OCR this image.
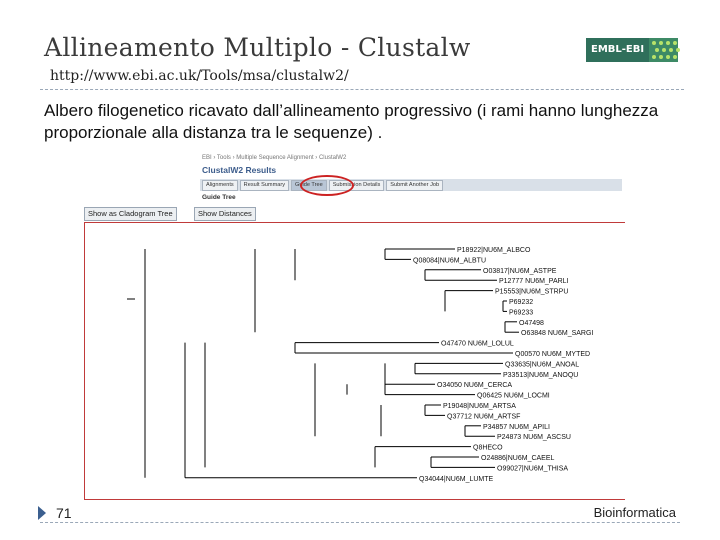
Allineamento Multiplo - Clustalw
http://www.ebi.ac.uk/Tools/msa/clustalw2/
EMBL-EBI
Albero filogenetico ricavato dall’allineamento progressivo (i rami hanno lunghezza proporzionale alla distanza tra le sequenze) .
EBI › Tools › Multiple Sequence Alignment › ClustalW2
ClustalW2 Results
Alignments	Result Summary	Guide Tree	Submission Details	Submit Another Job
Guide Tree
Show as Cladogram Tree	Show Distances
P18922|NU6M_ALBCO
Q08084|NU6M_ALBTU
O03817|NU6M_ASTPE
P12777 NU6M_PARLI
P15553|NU6M_STRPU
P69232
P69233
O47498
O63848 NU6M_SARGI
O47470 NU6M_LOLUL
Q00570 NU6M_MYTED
Q33635|NU6M_ANOAL
P33513|NU6M_ANOQU
O34050 NU6M_CERCA
Q06425 NU6M_LOCMI
P19048|NU6M_ARTSA
Q37712 NU6M_ARTSF
P34857 NU6M_APILI
P24873 NU6M_ASCSU
Q8HECO
O24886|NU6M_CAEEL
O99027|NU6M_THISA
Q34044|NU6M_LUMTE
71	Bioinformatica
